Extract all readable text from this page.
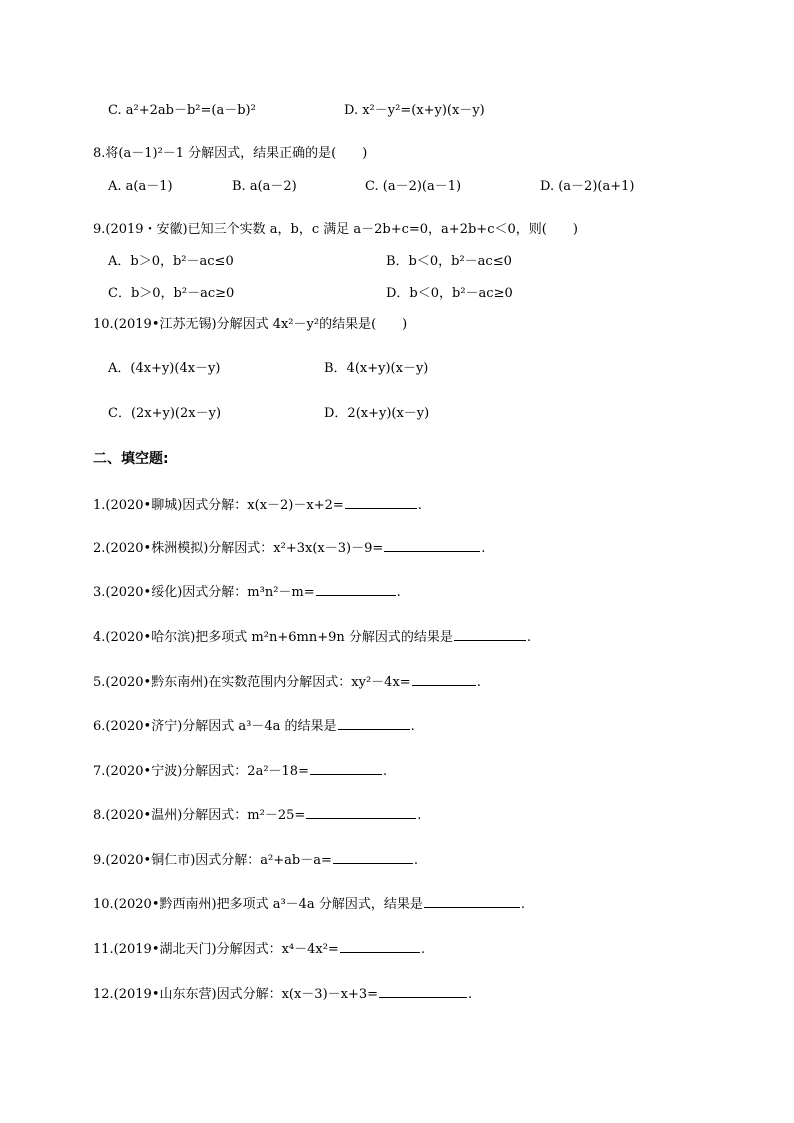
C. a²+2ab－b²=(a－b)²	D. x²－y²=(x+y)(x－y)
8.将(a－1)²－1 分解因式，结果正确的是(　　)
A. a(a－1)	B. a(a－2)	C. (a－2)(a－1)	D. (a－2)(a+1)
9.(2019・安徽)已知三个实数 a，b，c 满足 a－2b+c=0，a+2b+c＜0，则(　　)
A．b＞0，b²－ac≤0	B．b＜0，b²－ac≤0
C．b＞0，b²－ac≥0	D．b＜0，b²－ac≥0
10.(2019•江苏无锡)分解因式 4x²－y²的结果是(　　)
A．(4x+y)(4x－y)	B．4(x+y)(x－y)
C．(2x+y)(2x－y)	D．2(x+y)(x－y)
二、填空题:
1.(2020•聊城)因式分解：x(x－2)－x+2=	.
2.(2020•株洲模拟)分解因式：x²+3x(x－3)－9=	.
3.(2020•绥化)因式分解：m³n²－m=	.
4.(2020•哈尔滨)把多项式 m²n+6mn+9n 分解因式的结果是	.
5.(2020•黔东南州)在实数范围内分解因式：xy²－4x=	.
6.(2020•济宁)分解因式 a³－4a 的结果是	.
7.(2020•宁波)分解因式：2a²－18=	.
8.(2020•温州)分解因式：m²－25=	.
9.(2020•铜仁市)因式分解：a²+ab－a=	.
10.(2020•黔西南州)把多项式 a³－4a 分解因式，结果是	.
11.(2019•湖北天门)分解因式：x⁴－4x²=	.
12.(2019•山东东营)因式分解：x(x－3)－x+3=	.
